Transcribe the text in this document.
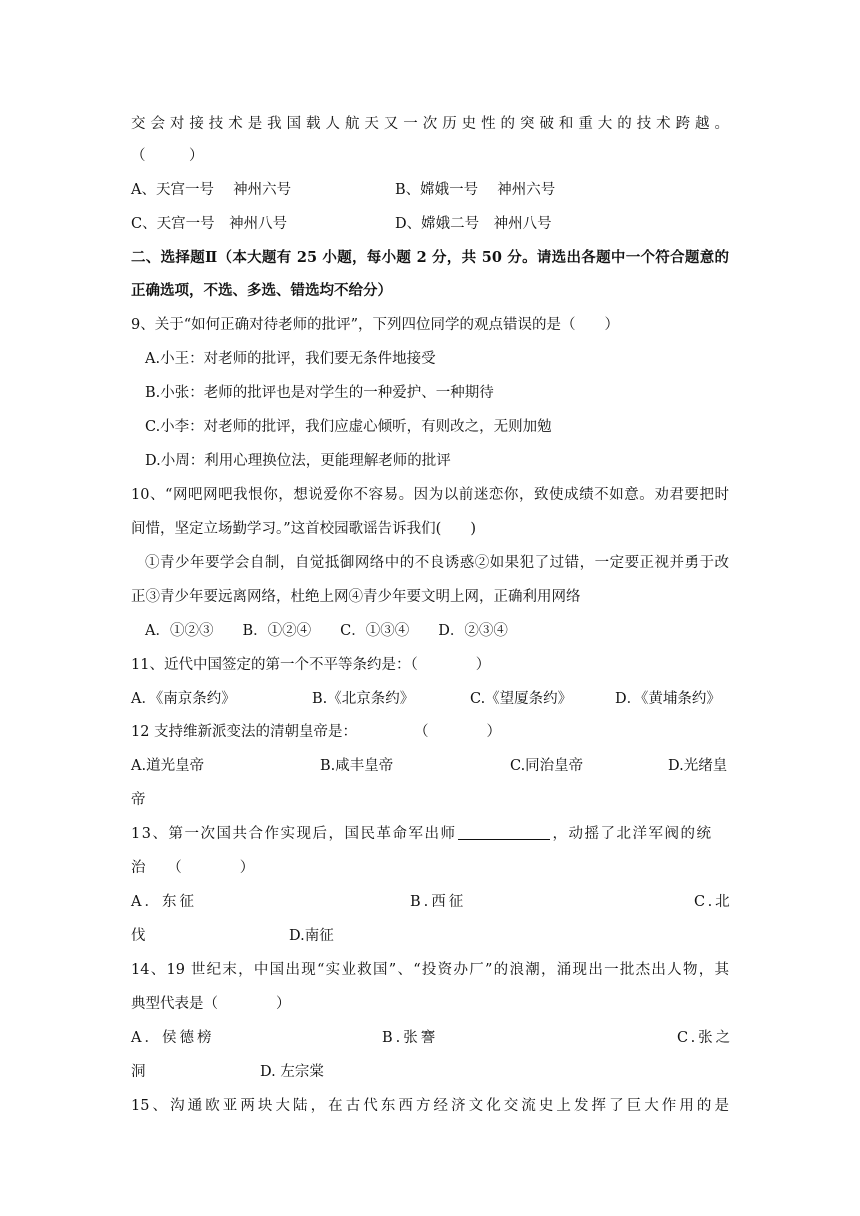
交会对接技术是我国载人航天又一次历史性的突破和重大的技术跨越。
（　　　）
A、天宫一号　 神州六号	B、嫦娥一号　 神州六号
C、天宫一号　神州八号	D、嫦娥二号　神州八号
二、选择题Ⅱ（本大题有 25 小题，每小题 2 分，共 50 分。请选出各题中一个符合题意的
正确选项，不选、多选、错选均不给分）
9、关于“如何正确对待老师的批评”，下列四位同学的观点错误的是（　　）
A.小王：对老师的批评，我们要无条件地接受
B.小张：老师的批评也是对学生的一种爱护、一种期待
C.小李：对老师的批评，我们应虚心倾听，有则改之，无则加勉
D.小周：利用心理换位法，更能理解老师的批评
10、“网吧网吧我恨你，想说爱你不容易。因为以前迷恋你，致使成绩不如意。劝君要把时
间惜，坚定立场勤学习。”这首校园歌谣告诉我们(　　)
①青少年要学会自制，自觉抵御网络中的不良诱惑②如果犯了过错，一定要正视并勇于改
正③青少年要远离网络，杜绝上网④青少年要文明上网，正确利用网络
A．①②③　　B．①②④　　C．①③④　　D．②③④
11、近代中国签定的第一个不平等条约是：（　　　　）
A．《南京条约》	B.《北京条约》	C.《望厦条约》	D．《黄埔条约》
12 支持维新派变法的清朝皇帝是：	（　　　　）
A.道光皇帝	B.咸丰皇帝	C.同治皇帝	D.光绪皇
帝
13、第一次国共合作实现后，国民革命军出师	，动摇了北洋军阀的统
治　　（　　　　）
A．东征	B.西征	C.北
伐	D.南征
14、19 世纪末，中国出现“实业救国”、“投资办厂”的浪潮，涌现出一批杰出人物，其
典型代表是（　　　　）
A．侯德榜	B.张謇	C.张之
洞	D. 左宗棠
15、沟通欧亚两块大陆，在古代东西方经济文化交流史上发挥了巨大作用的是
